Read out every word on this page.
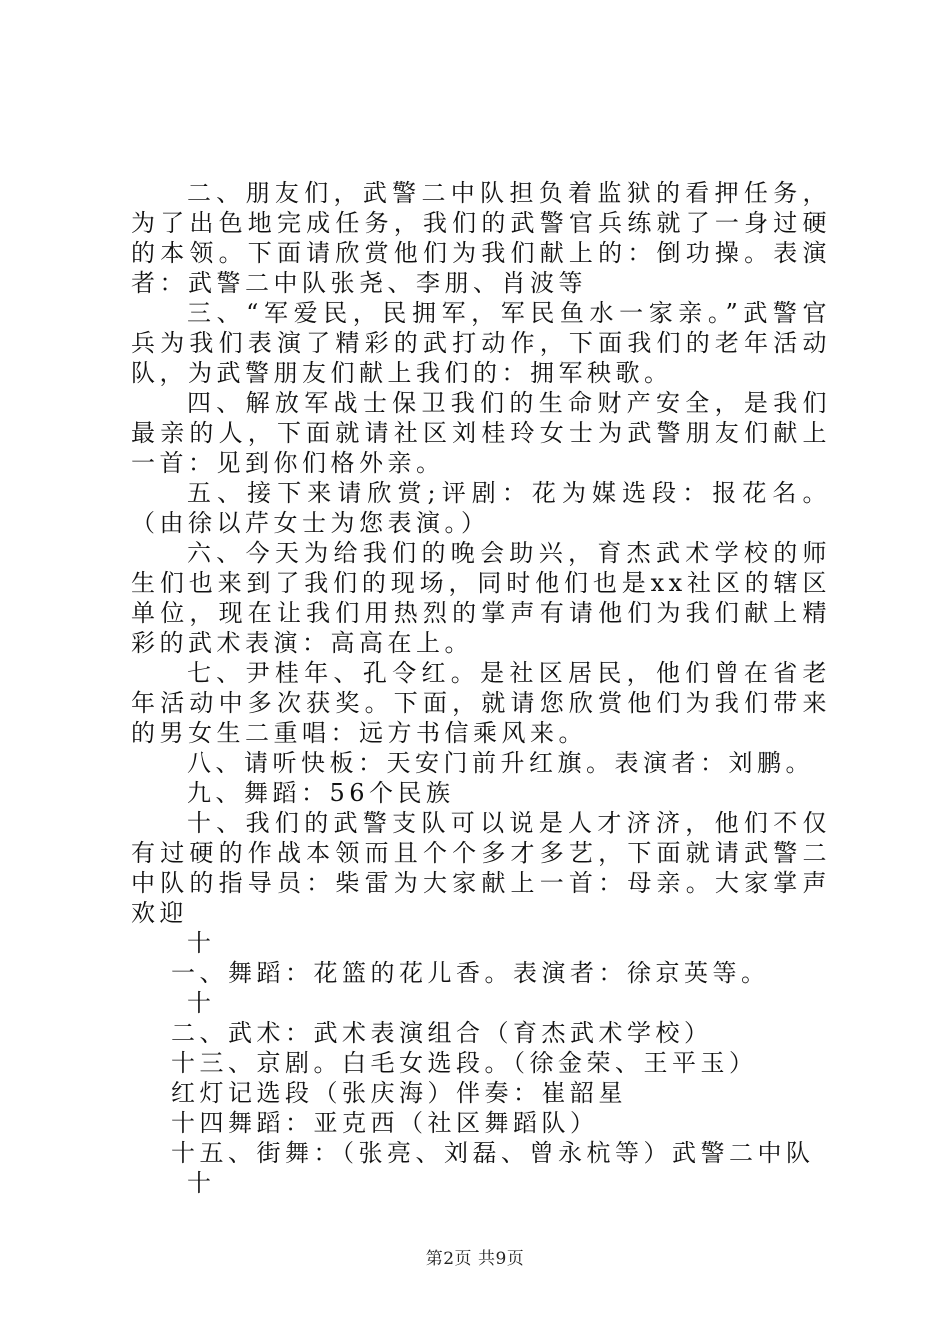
二、朋友们，武警二中队担负着监狱的看押任务，为了出色地完成任务，我们的武警官兵练就了一身过硬的本领。下面请欣赏他们为我们献上的：倒功操。表演者：武警二中队张尧、李朋、肖波等

三、“军爱民，民拥军，军民鱼水一家亲。”武警官兵为我们表演了精彩的武打动作，下面我们的老年活动队，为武警朋友们献上我们的：拥军秧歌。

四、解放军战士保卫我们的生命财产安全，是我们最亲的人，下面就请社区刘桂玲女士为武警朋友们献上一首：见到你们格外亲。

五、接下来请欣赏;评剧：花为媒选段：报花名。（由徐以芹女士为您表演。）

六、今天为给我们的晚会助兴，育杰武术学校的师生们也来到了我们的现场，同时他们也是xx社区的辖区单位，现在让我们用热烈的掌声有请他们为我们献上精彩的武术表演：高高在上。

七、尹桂年、孔令红。是社区居民，他们曾在省老年活动中多次获奖。下面，就请您欣赏他们为我们带来的男女生二重唱：远方书信乘风来。

八、请听快板：天安门前升红旗。表演者：刘鹏。

九、舞蹈：56个民族

十、我们的武警支队可以说是人才济济，他们不仅有过硬的作战本领而且个个多才多艺，下面就请武警二中队的指导员：柴雷为大家献上一首：母亲。大家掌声欢迎

十

一、舞蹈：花篮的花儿香。表演者：徐京英等。

十

二、武术：武术表演组合（育杰武术学校）

十三、京剧。白毛女选段。（徐金荣、王平玉）

红灯记选段（张庆海）伴奏：崔韶星

十四舞蹈：亚克西（社区舞蹈队）

十五、街舞：（张亮、刘磊、曾永杭等）武警二中队

十

第2页 共9页
